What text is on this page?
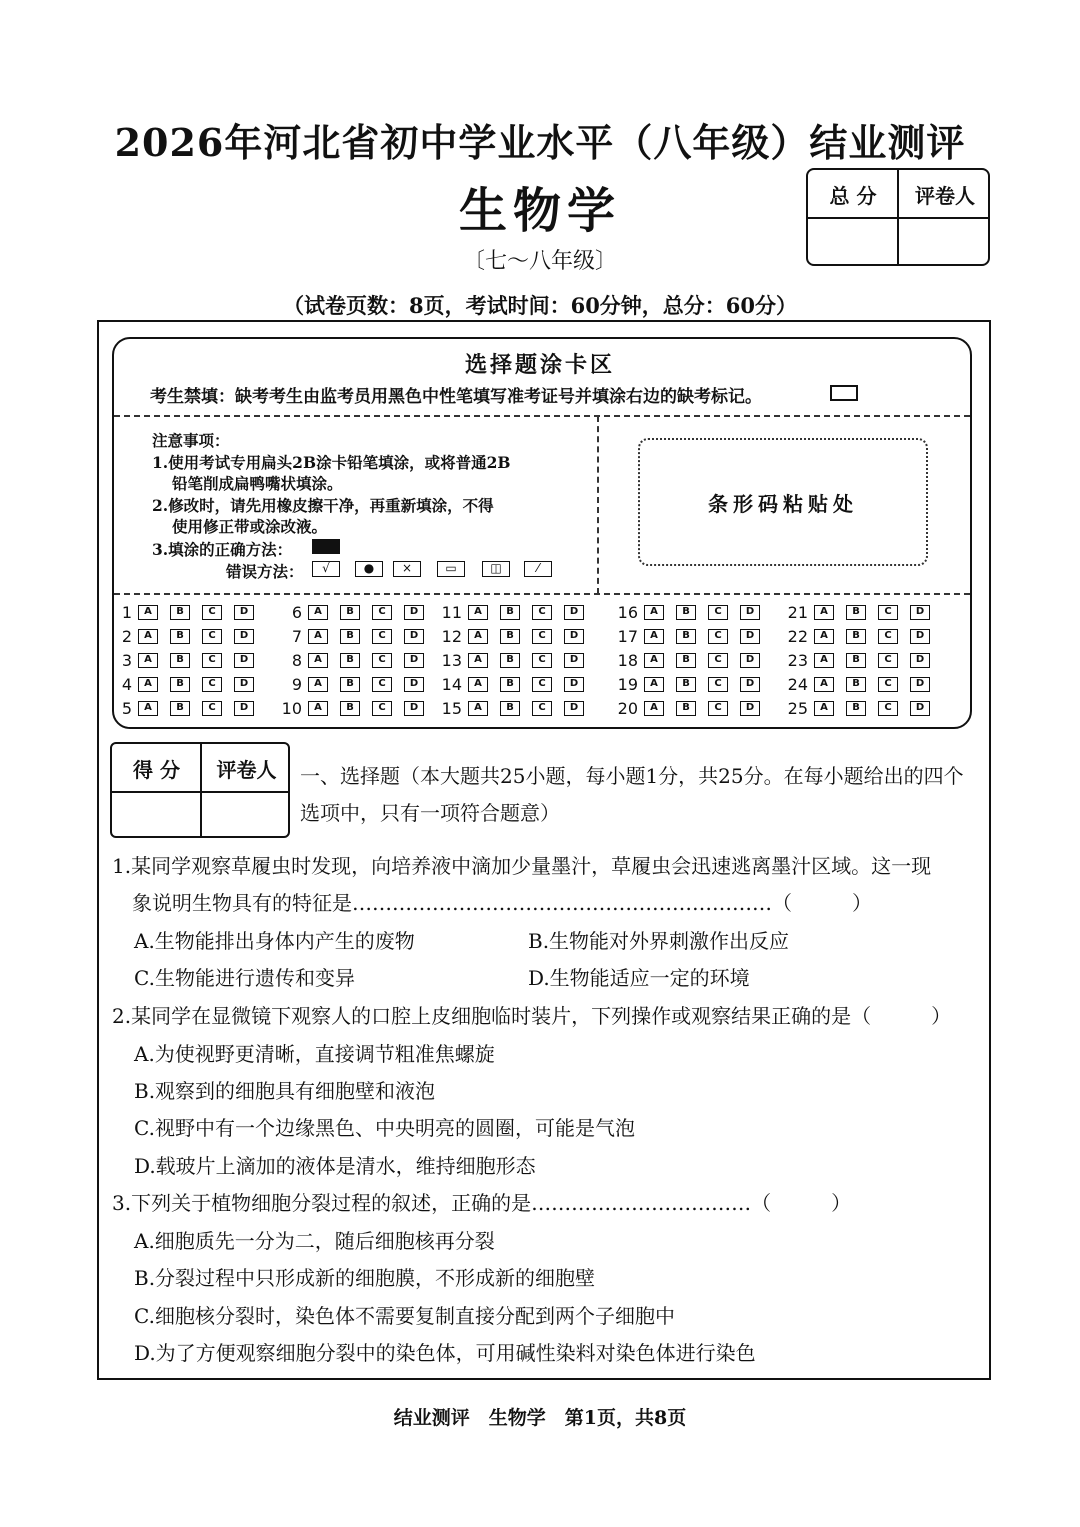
2026年河北省初中学业水平（八年级）结业测评
生物学
〔七～八年级〕
（试卷页数：8页，考试时间：60分钟，总分：60分）
总 分	评卷人
选择题涂卡区
考生禁填：缺考考生由监考员用黑色中性笔填写准考证号并填涂右边的缺考标记。
注意事项：
1.使用考试专用扁头2B涂卡铅笔填涂，或将普通2B
铅笔削成扁鸭嘴状填涂。
2.修改时，请先用橡皮擦干净，再重新填涂，不得
使用修正带或涂改液。
3.填涂的正确方法：
错误方法：	√	●	×	▭	◫	⁄
条形码粘贴处
1	A	B	C	D
2	A	B	C	D
3	A	B	C	D
4	A	B	C	D
5	A	B	C	D
6	A	B	C	D
7	A	B	C	D
8	A	B	C	D
9	A	B	C	D
10	A	B	C	D
11	A	B	C	D
12	A	B	C	D
13	A	B	C	D
14	A	B	C	D
15	A	B	C	D
16	A	B	C	D
17	A	B	C	D
18	A	B	C	D
19	A	B	C	D
20	A	B	C	D
21	A	B	C	D
22	A	B	C	D
23	A	B	C	D
24	A	B	C	D
25	A	B	C	D
得 分	评卷人	一、选择题（本大题共25小题，每小题1分，共25分。在每小题给出的四个
选项中，只有一项符合题意）
1.某同学观察草履虫时发现，向培养液中滴加少量墨汁，草履虫会迅速逃离墨汁区域。这一现
象说明生物具有的特征是………………………………………………………（　　　）
A.生物能排出身体内产生的废物	B.生物能对外界刺激作出反应
C.生物能进行遗传和变异	D.生物能适应一定的环境
2.某同学在显微镜下观察人的口腔上皮细胞临时装片，下列操作或观察结果正确的是（　　　）
A.为使视野更清晰，直接调节粗准焦螺旋
B.观察到的细胞具有细胞壁和液泡
C.视野中有一个边缘黑色、中央明亮的圆圈，可能是气泡
D.载玻片上滴加的液体是清水，维持细胞形态
3.下列关于植物细胞分裂过程的叙述，正确的是……………………………（　　　）
A.细胞质先一分为二，随后细胞核再分裂
B.分裂过程中只形成新的细胞膜，不形成新的细胞壁
C.细胞核分裂时，染色体不需要复制直接分配到两个子细胞中
D.为了方便观察细胞分裂中的染色体，可用碱性染料对染色体进行染色
结业测评　生物学　第1页，共8页
